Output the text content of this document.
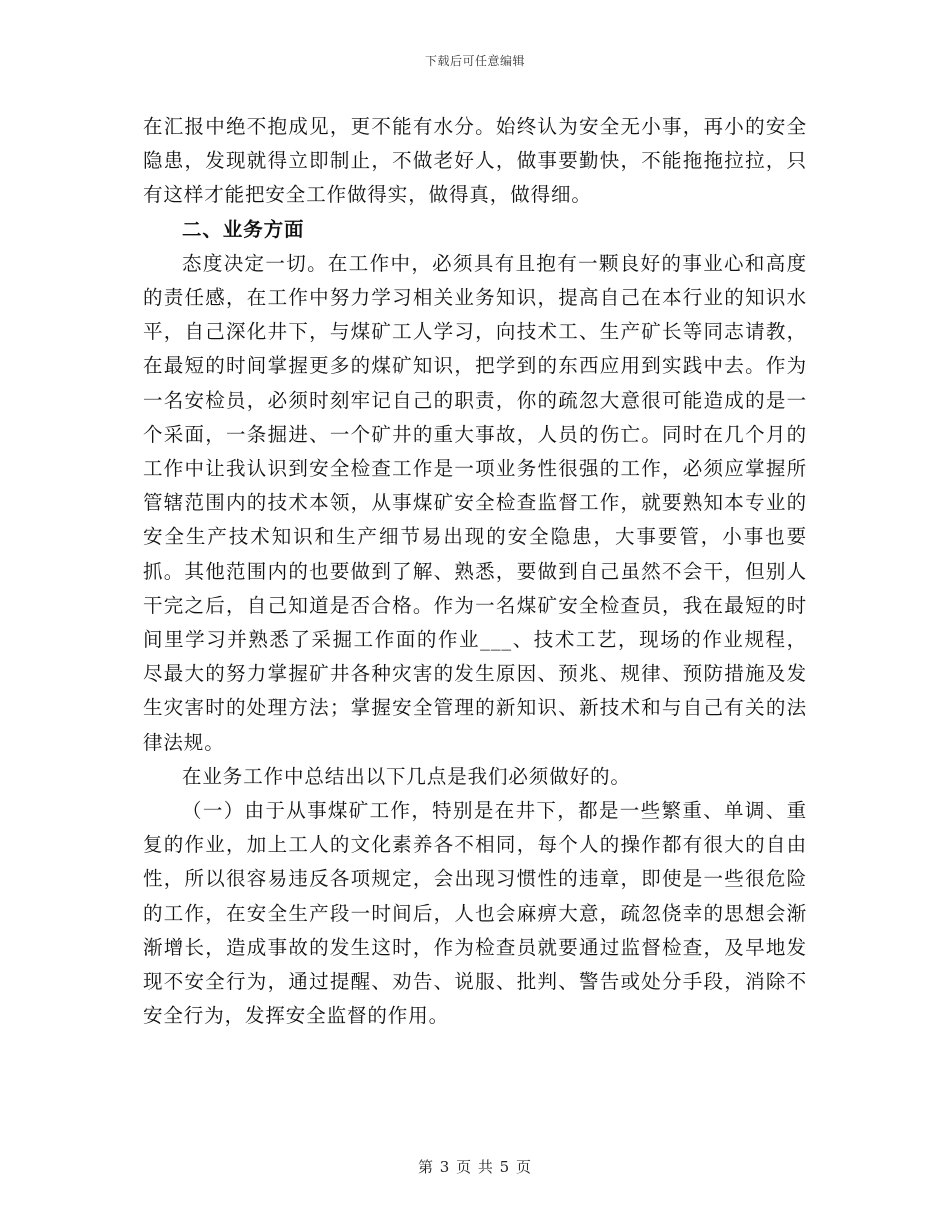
下载后可任意编辑

在汇报中绝不抱成见，更不能有水分。始终认为安全无小事，再小的安全隐患，发现就得立即制止，不做老好人，做事要勤快，不能拖拖拉拉，只有这样才能把安全工作做得实，做得真，做得细。

二、业务方面

态度决定一切。在工作中，必须具有且抱有一颗良好的事业心和高度的责任感，在工作中努力学习相关业务知识，提高自己在本行业的知识水平，自己深化井下，与煤矿工人学习，向技术工、生产矿长等同志请教，在最短的时间掌握更多的煤矿知识，把学到的东西应用到实践中去。作为一名安检员，必须时刻牢记自己的职责，你的疏忽大意很可能造成的是一个采面，一条掘进、一个矿井的重大事故，人员的伤亡。同时在几个月的工作中让我认识到安全检查工作是一项业务性很强的工作，必须应掌握所管辖范围内的技术本领，从事煤矿安全检查监督工作，就要熟知本专业的安全生产技术知识和生产细节易出现的安全隐患，大事要管，小事也要抓。其他范围内的也要做到了解、熟悉，要做到自己虽然不会干，但别人干完之后，自己知道是否合格。作为一名煤矿安全检查员，我在最短的时间里学习并熟悉了采掘工作面的作业___、技术工艺，现场的作业规程，尽最大的努力掌握矿井各种灾害的发生原因、预兆、规律、预防措施及发生灾害时的处理方法；掌握安全管理的新知识、新技术和与自己有关的法律法规。

在业务工作中总结出以下几点是我们必须做好的。

（一）由于从事煤矿工作，特别是在井下，都是一些繁重、单调、重复的作业，加上工人的文化素养各不相同，每个人的操作都有很大的自由性，所以很容易违反各项规定，会出现习惯性的违章，即使是一些很危险的工作，在安全生产段一时间后，人也会麻痹大意，疏忽侥幸的思想会渐渐增长，造成事故的发生这时，作为检查员就要通过监督检查，及早地发现不安全行为，通过提醒、劝告、说服、批判、警告或处分手段，消除不安全行为，发挥安全监督的作用。

第 3 页 共 5 页
